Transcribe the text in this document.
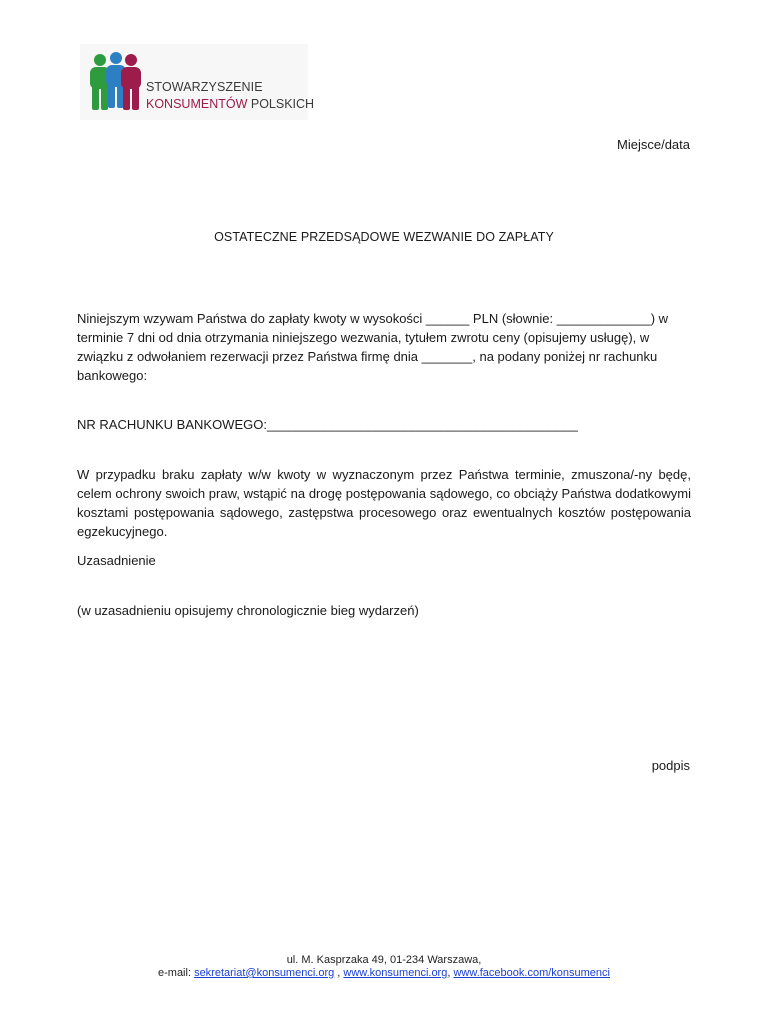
STOWARZYSZENIE
KONSUMENTÓW POLSKICH
Miejsce/data
OSTATECZNE PRZEDSĄDOWE WEZWANIE DO ZAPŁATY
Niniejszym wzywam Państwa do zapłaty kwoty w wysokości ______ PLN (słownie: _____________) w terminie 7 dni od dnia otrzymania niniejszego wezwania, tytułem zwrotu ceny (opisujemy usługę), w związku z odwołaniem rezerwacji przez Państwa firmę dnia _______, na podany poniżej nr rachunku bankowego:
NR RACHUNKU BANKOWEGO:___________________________________________
W przypadku braku zapłaty w/w kwoty w wyznaczonym przez Państwa terminie, zmuszona/-ny będę, celem ochrony swoich praw, wstąpić na drogę postępowania sądowego, co obciąży Państwa dodatkowymi kosztami postępowania sądowego, zastępstwa procesowego oraz ewentualnych kosztów postępowania egzekucyjnego.
Uzasadnienie
(w uzasadnieniu opisujemy chronologicznie bieg wydarzeń)
podpis
ul. M. Kasprzaka 49, 01-234 Warszawa,
e-mail: sekretariat@konsumenci.org , www.konsumenci.org, www.facebook.com/konsumenci
